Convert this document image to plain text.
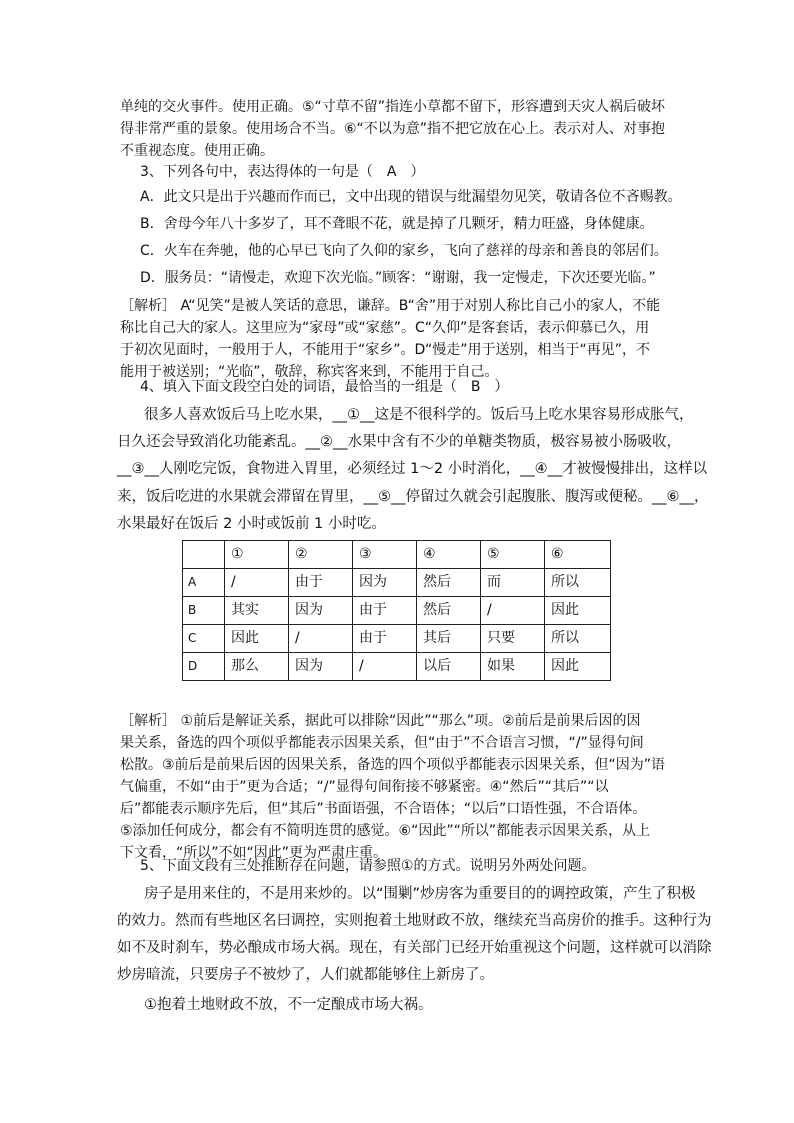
单纯的交火事件。使用正确。⑤“寸草不留”指连小草都不留下，形容遭到天灾人祸后破坏
得非常严重的景象。使用场合不当。⑥“不以为意”指不把它放在心上。表示对人、对事抱
不重视态度。使用正确。
3、下列各句中，表达得体的一句是（　A　）
A．此文只是出于兴趣而作而已，文中出现的错误与纰漏望勿见笑，敬请各位不吝赐教。
B．舍母今年八十多岁了，耳不聋眼不花，就是掉了几颗牙，精力旺盛，身体健康。
C．火车在奔驰，他的心早已飞向了久仰的家乡，飞向了慈祥的母亲和善良的邻居们。
D．服务员：“请慢走，欢迎下次光临。”顾客：“谢谢，我一定慢走，下次还要光临。”
［解析］ A“见笑”是被人笑话的意思，谦辞。B“舍”用于对别人称比自己小的家人，不能
称比自己大的家人。这里应为“家母”或“家慈”。C“久仰”是客套话，表示仰慕已久，用
于初次见面时，一般用于人，不能用于“家乡”。D“慢走”用于送别，相当于“再见”，不
能用于被送别；“光临”，敬辞，称宾客来到，不能用于自己。
4、填入下面文段空白处的词语，最恰当的一组是（　B　）
很多人喜欢饭后马上吃水果，__①__这是不很科学的。饭后马上吃水果容易形成胀气，
日久还会导致消化功能紊乱。__②__水果中含有不少的单糖类物质，极容易被小肠吸收，
__③__人刚吃完饭，食物进入胃里，必须经过 1～2 小时消化，__④__才被慢慢排出，这样以
来，饭后吃进的水果就会滞留在胃里，__⑤__停留过久就会引起腹胀、腹泻或便秘。__⑥__，
水果最好在饭后 2 小时或饭前 1 小时吃。
	①	②	③	④	⑤	⑥
A	/	由于	因为	然后	而	所以
B	其实	因为	由于	然后	/	因此
C	因此	/	由于	其后	只要	所以
D	那么	因为	/	以后	如果	因此
［解析］ ①前后是解证关系，据此可以排除“因此”“那么”项。②前后是前果后因的因
果关系，备选的四个项似乎都能表示因果关系，但“由于”不合语言习惯，“/”显得句间
松散。③前后是前果后因的因果关系，备选的四个项似乎都能表示因果关系，但“因为”语
气偏重，不如“由于”更为合适；“/”显得句间衔接不够紧密。④“然后”“其后”“以
后”都能表示顺序先后，但“其后”书面语强，不合语体；“以后”口语性强，不合语体。
⑤添加任何成分，都会有不简明连贯的感觉。⑥“因此”“所以”都能表示因果关系，从上
下文看，“所以”不如“因此”更为严肃庄重。
5、下面文段有三处推断存在问题，请参照①的方式。说明另外两处问题。
房子是用来住的，不是用来炒的。以“围剿”炒房客为重要目的的调控政策，产生了积极
的效力。然而有些地区名曰调控，实则抱着土地财政不放，继续充当高房价的推手。这种行为
如不及时刹车，势必酿成市场大祸。现在，有关部门已经开始重视这个问题，这样就可以消除
炒房暗流，只要房子不被炒了，人们就都能够住上新房了。
①抱着土地财政不放，不一定酿成市场大祸。
